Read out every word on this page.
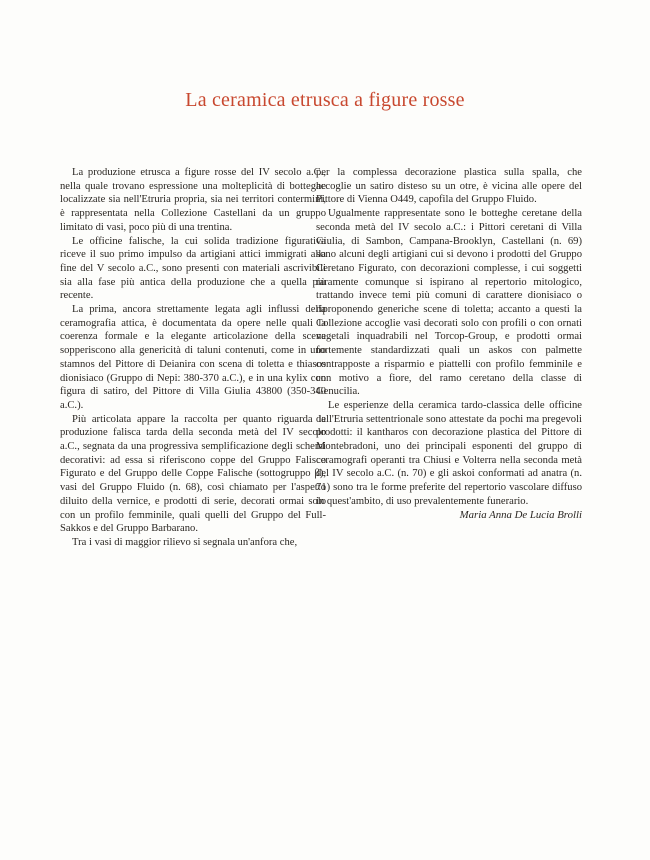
La ceramica etrusca a figure rosse

La produzione etrusca a figure rosse del IV secolo a.C., nella quale trovano espressione una molteplicità di botteghe localizzate sia nell'Etruria propria, sia nei territori contermini, è rappresentata nella Collezione Castellani da un gruppo limitato di vasi, poco più di una trentina.

Le officine falische, la cui solida tradizione figurativa riceve il suo primo impulso da artigiani attici immigrati alla fine del V secolo a.C., sono presenti con materiali ascrivibili sia alla fase più antica della produzione che a quella più recente.

La prima, ancora strettamente legata agli influssi della ceramografia attica, è documentata da opere nelle quali la coerenza formale e la elegante articolazione della scena sopperiscono alla genericità di taluni contenuti, come in uno stamnos del Pittore di Deianira con scena di toletta e thiasos dionisiaco (Gruppo di Nepi: 380-370 a.C.), e in una kylix con figura di satiro, del Pittore di Villa Giulia 43800 (350-340 a.C.).

Più articolata appare la raccolta per quanto riguarda la produzione falisca tarda della seconda metà del IV secolo a.C., segnata da una progressiva semplificazione degli schemi decorativi: ad essa si riferiscono coppe del Gruppo Falisco Figurato e del Gruppo delle Coppe Falische (sottogruppo β), vasi del Gruppo Fluido (n. 68), così chiamato per l'aspetto diluito della vernice, e prodotti di serie, decorati ormai solo con un profilo femminile, quali quelli del Gruppo del Full-Sakkos e del Gruppo Barbarano.

Tra i vasi di maggior rilievo si segnala un'anfora che,

per la complessa decorazione plastica sulla spalla, che accoglie un satiro disteso su un otre, è vicina alle opere del Pittore di Vienna O449, capofila del Gruppo Fluido.

Ugualmente rappresentate sono le botteghe ceretane della seconda metà del IV secolo a.C.: i Pittori ceretani di Villa Giulia, di Sambon, Campana-Brooklyn, Castellani (n. 69) sono alcuni degli artigiani cui si devono i prodotti del Gruppo Ceretano Figurato, con decorazioni complesse, i cui soggetti raramente comunque si ispirano al repertorio mitologico, trattando invece temi più comuni di carattere dionisiaco o riproponendo generiche scene di toletta; accanto a questi la Collezione accoglie vasi decorati solo con profili o con ornati vegetali inquadrabili nel Torcop-Group, e prodotti ormai fortemente standardizzati quali un askos con palmette contrapposte a risparmio e piattelli con profilo femminile e con motivo a fiore, del ramo ceretano della classe di Genucilia.

Le esperienze della ceramica tardo-classica delle officine dell'Etruria settentrionale sono attestate da pochi ma pregevoli prodotti: il kantharos con decorazione plastica del Pittore di Montebradoni, uno dei principali esponenti del gruppo di ceramografi operanti tra Chiusi e Volterra nella seconda metà del IV secolo a.C. (n. 70) e gli askoi conformati ad anatra (n. 71) sono tra le forme preferite del repertorio vascolare diffuso in quest'ambito, di uso prevalentemente funerario.

Maria Anna De Lucia Brolli
